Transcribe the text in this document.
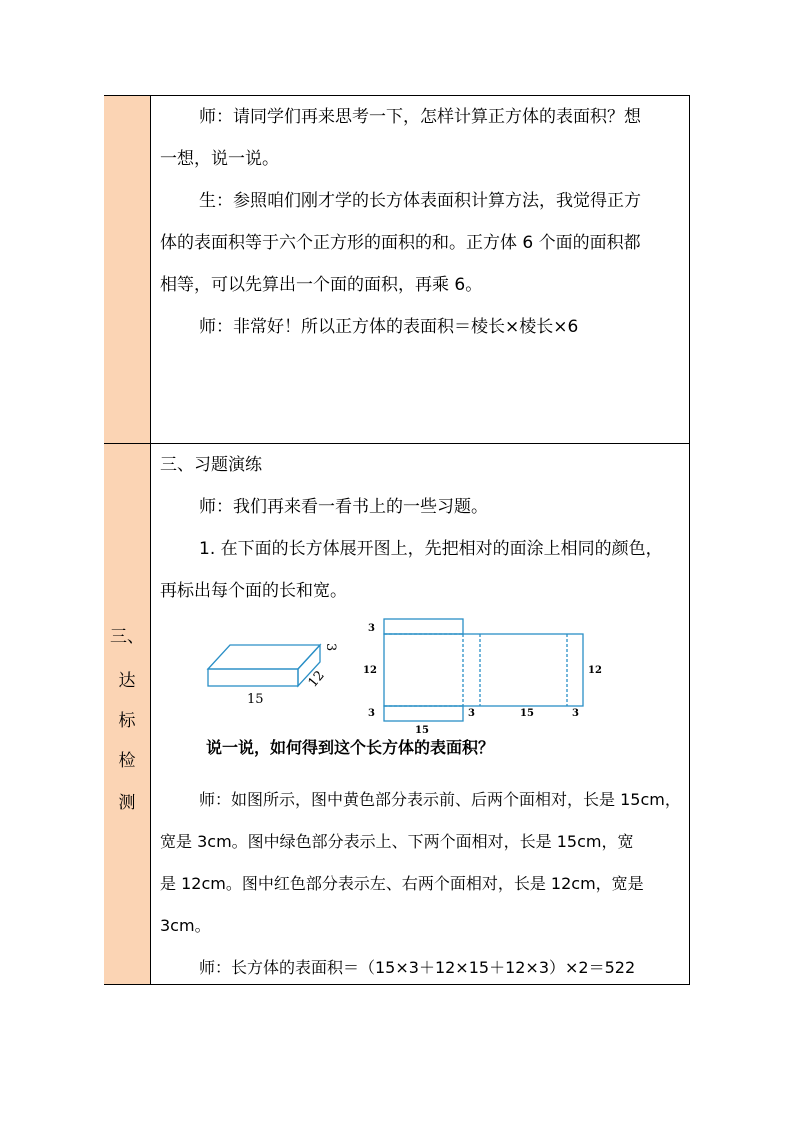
三、
达
标
检
测
师：请同学们再来思考一下，怎样计算正方体的表面积？想
一想，说一说。
生：参照咱们刚才学的长方体表面积计算方法，我觉得正方
体的表面积等于六个正方形的面积的和。正方体 6 个面的面积都
相等，可以先算出一个面的面积，再乘 6。
师：非常好！所以正方体的表面积＝棱长×棱长×6
三、习题演练
师：我们再来看一看书上的一些习题。
1. 在下面的长方体展开图上，先把相对的面涂上相同的颜色，
再标出每个面的长和宽。
15
12
3
3
12
3
15
3	15	3
12
说一说，如何得到这个长方体的表面积？
师：如图所示，图中黄色部分表示前、后两个面相对，长是 15cm，
宽是 3cm。图中绿色部分表示上、下两个面相对，长是 15cm，宽
是 12cm。图中红色部分表示左、右两个面相对，长是 12cm，宽是
3cm。
师：长方体的表面积＝（15×3＋12×15＋12×3）×2＝522
